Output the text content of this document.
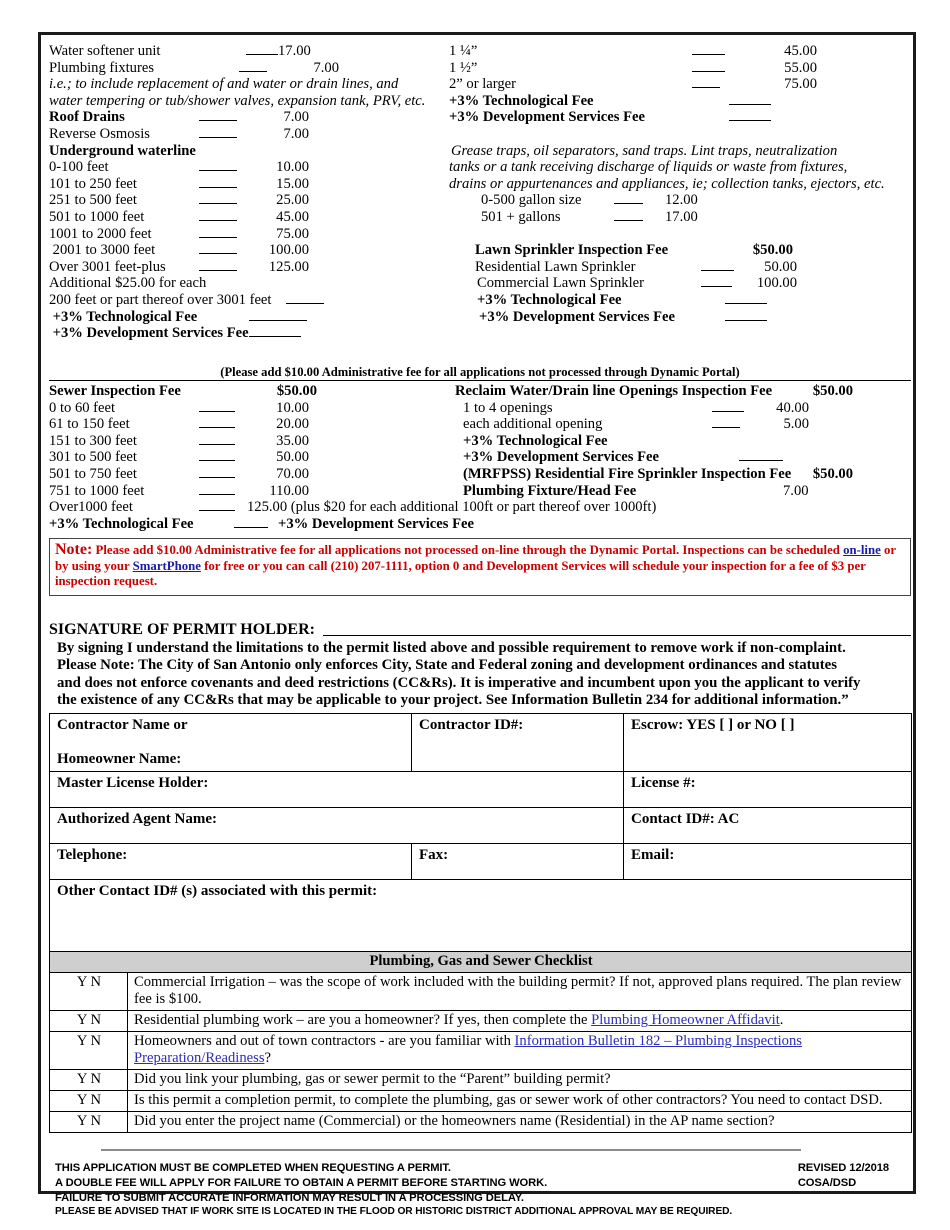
Water softener unit	17.00
Plumbing fixtures	7.00
i.e.; to include replacement of and water or drain lines, and
water tempering or tub/shower valves, expansion tank, PRV, etc.
Roof Drains	7.00
Reverse Osmosis	7.00
Underground waterline
0-100 feet	10.00
101 to 250 feet	15.00
251 to 500 feet	25.00
501 to 1000 feet	45.00
1001 to 2000 feet	75.00
2001 to 3000 feet	100.00
Over 3001 feet-plus	125.00
Additional $25.00 for each
200 feet or part thereof over 3001 feet
+3% Technological Fee
+3% Development Services Fee
1 ¼”	45.00
1 ½”	55.00
2” or larger	75.00
+3% Technological Fee
+3% Development Services Fee
Grease traps, oil separators, sand traps. Lint traps, neutralization
tanks or a tank receiving discharge of liquids or waste from fixtures,
drains or appurtenances and appliances, ie; collection tanks, ejectors, etc.
0-500 gallon size	12.00
501 + gallons	17.00
Lawn Sprinkler Inspection Fee	$50.00
Residential Lawn Sprinkler	50.00
Commercial Lawn Sprinkler	100.00
+3% Technological Fee
+3% Development Services Fee
(Please add $10.00 Administrative fee for all applications not processed through Dynamic Portal)
Sewer Inspection Fee	$50.00
0 to 60 feet	10.00
61 to 150 feet	20.00
151 to 300 feet	35.00
301 to 500 feet	50.00
501 to 750 feet	70.00
751 to 1000 feet	110.00
Over1000 feet	125.00 (plus $20 for each additional 100ft or part thereof over 1000ft)
+3% Technological Fee	+3% Development Services Fee
Reclaim Water/Drain line Openings Inspection Fee	$50.00
1 to 4 openings	40.00
each additional opening	5.00
+3% Technological Fee
+3% Development Services Fee
(MRFPSS) Residential Fire Sprinkler Inspection Fee	$50.00
Plumbing Fixture/Head Fee	7.00
Note: Please add $10.00 Administrative fee for all applications not processed on-line through the Dynamic Portal. Inspections can be scheduled on-line or by using your SmartPhone for free or you can call (210) 207-1111, option 0 and Development Services will schedule your inspection for a fee of $3 per inspection request.
SIGNATURE OF PERMIT HOLDER:
By signing I understand the limitations to the permit listed above and possible requirement to remove work if non-complaint.
Please Note: The City of San Antonio only enforces City, State and Federal zoning and development ordinances and statutes
and does not enforce covenants and deed restrictions (CC&Rs). It is imperative and incumbent upon you the applicant to verify
the existence of any CC&Rs that may be applicable to your project. See Information Bulletin 234 for additional information.”
Contractor Name or
Homeowner Name:	Contractor ID#:	Escrow: YES [ ] or NO [ ]
Master License Holder:		License #:
Authorized Agent Name:		Contact ID#: AC
Telephone:	Fax:	Email:
Other Contact ID# (s) associated with this permit:		
Plumbing, Gas and Sewer Checklist	
Y N	Commercial Irrigation – was the scope of work included with the building permit? If not, approved plans required. The plan review fee is $100.
Y N	Residential plumbing work – are you a homeowner? If yes, then complete the Plumbing Homeowner Affidavit.
Y N	Homeowners and out of town contractors - are you familiar with Information Bulletin 182 – Plumbing Inspections Preparation/Readiness?
Y N	Did you link your plumbing, gas or sewer permit to the “Parent” building permit?
Y N	Is this permit a completion permit, to complete the plumbing, gas or sewer work of other contractors? You need to contact DSD.
Y N	Did you enter the project name (Commercial) or the homeowners name (Residential) in the AP name section?

THIS APPLICATION MUST BE COMPLETED WHEN REQUESTING A PERMIT.

A DOUBLE FEE WILL APPLY FOR FAILURE TO OBTAIN A PERMIT BEFORE STARTING WORK.

FAILURE TO SUBMIT ACCURATE INFORMATION MAY RESULT IN A PROCESSING DELAY.

PLEASE BE ADVISED THAT IF WORK SITE IS LOCATED IN THE FLOOD OR HISTORIC DISTRICT ADDITIONAL APPROVAL MAY BE REQUIRED.

REVISED 12/2018

COSA/DSD
